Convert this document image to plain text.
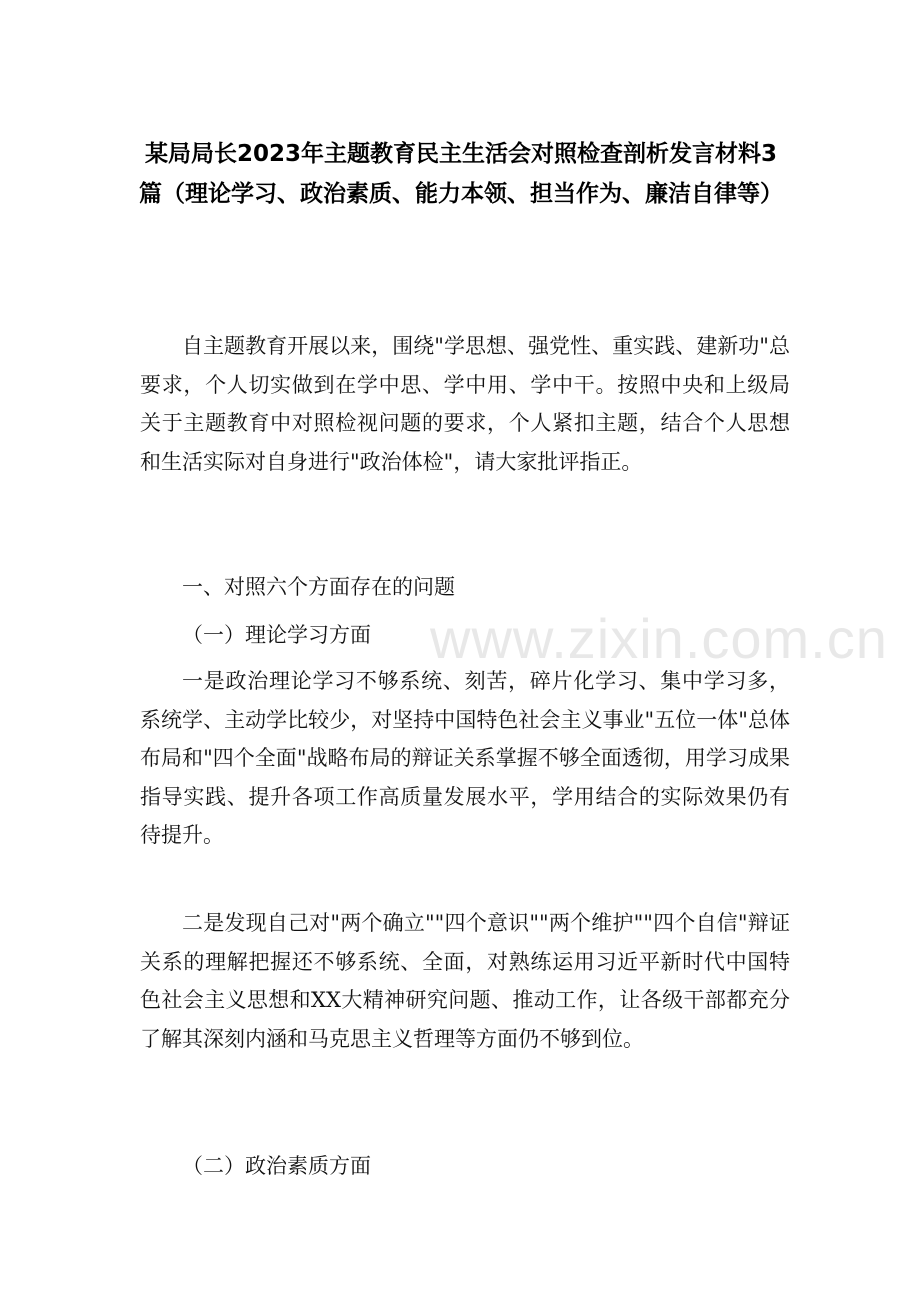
某局局长2023年主题教育民主生活会对照检查剖析发言材料3篇（理论学习、政治素质、能力本领、担当作为、廉洁自律等）

自主题教育开展以来，围绕"学思想、强党性、重实践、建新功"总要求，个人切实做到在学中思、学中用、学中干。按照中央和上级局关于主题教育中对照检视问题的要求，个人紧扣主题，结合个人思想和生活实际对自身进行"政治体检"，请大家批评指正。

一、对照六个方面存在的问题

（一）理论学习方面

一是政治理论学习不够系统、刻苦，碎片化学习、集中学习多，系统学、主动学比较少，对坚持中国特色社会主义事业"五位一体"总体布局和"四个全面"战略布局的辩证关系掌握不够全面透彻，用学习成果指导实践、提升各项工作高质量发展水平，学用结合的实际效果仍有待提升。

二是发现自己对"两个确立""四个意识""两个维护""四个自信"辩证关系的理解把握还不够系统、全面，对熟练运用习近平新时代中国特色社会主义思想和XX大精神研究问题、推动工作，让各级干部都充分了解其深刻内涵和马克思主义哲理等方面仍不够到位。

（二）政治素质方面

www.zixin.com.cn
